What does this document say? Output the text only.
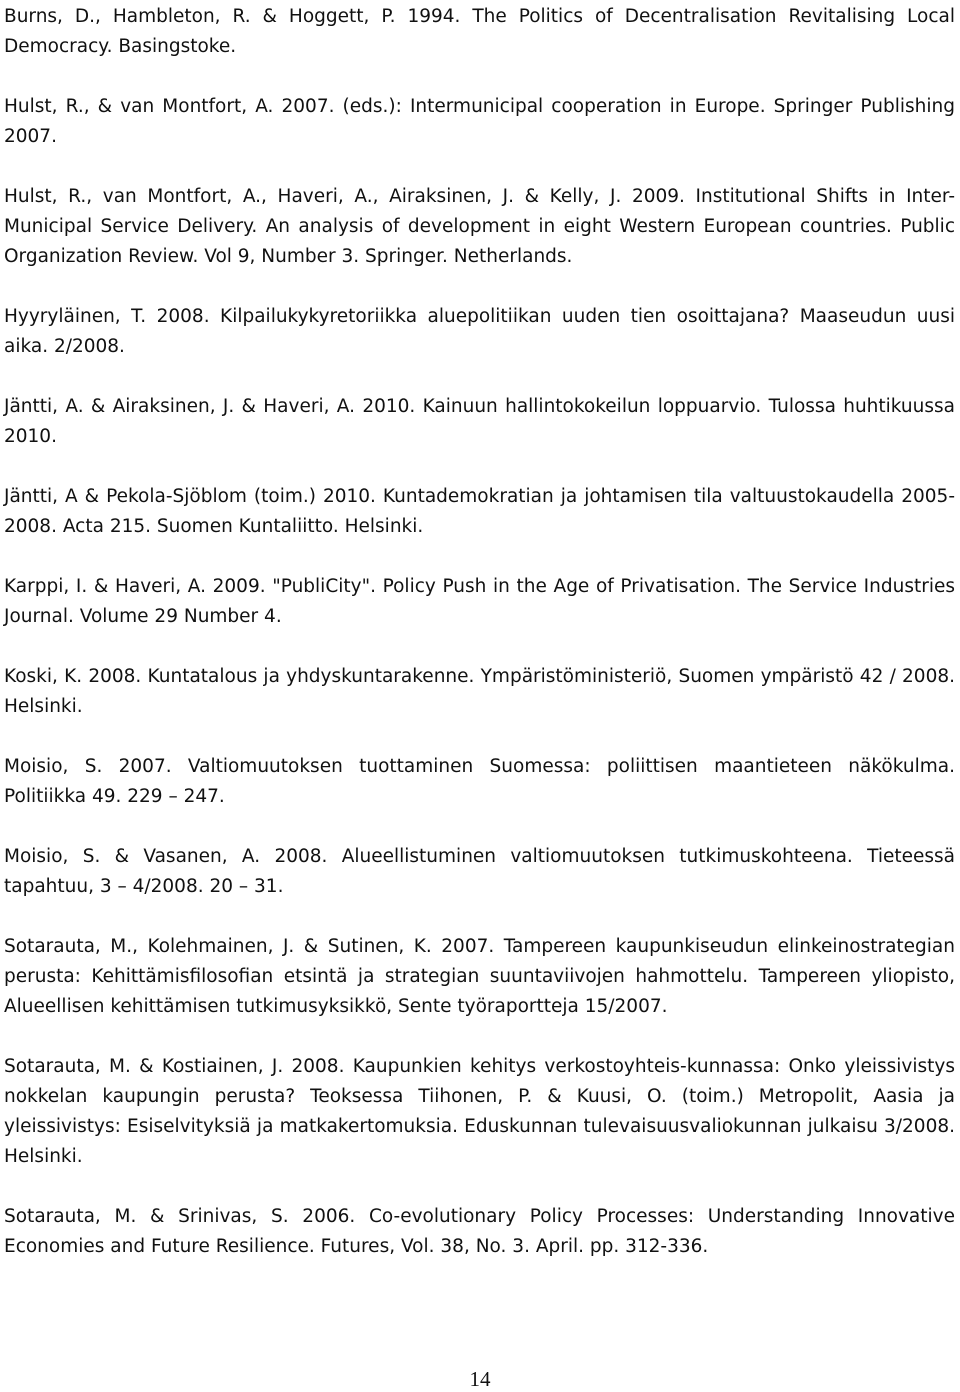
Burns, D., Hambleton, R. & Hoggett, P. 1994. The Politics of Decentralisation Revitalising Local Democracy. Basingstoke.

Hulst, R., & van Montfort, A. 2007. (eds.): Intermunicipal cooperation in Europe. Springer Publishing 2007.

Hulst, R., van Montfort, A., Haveri, A., Airaksinen, J. & Kelly, J. 2009. Institutional Shifts in Inter-Municipal Service Delivery. An analysis of development in eight Western European countries. Public Organization Review. Vol 9, Number 3. Springer. Netherlands.

Hyyryläinen, T. 2008. Kilpailukykyretoriikka aluepolitiikan uuden tien osoittajana? Maaseudun uusi aika. 2/2008.

Jäntti, A. & Airaksinen, J. & Haveri, A. 2010. Kainuun hallintokokeilun loppuarvio. Tulossa huhtikuussa 2010.

Jäntti, A & Pekola-Sjöblom (toim.) 2010. Kuntademokratian ja johtamisen tila valtuustokaudella 2005-2008. Acta 215. Suomen Kuntaliitto. Helsinki.

Karppi, I. & Haveri, A. 2009. "PubliCity". Policy Push in the Age of Privatisation. The Service Industries Journal. Volume 29 Number 4.

Koski, K. 2008. Kuntatalous ja yhdyskuntarakenne. Ympäristöministeriö, Suomen ympäristö 42 / 2008. Helsinki.

Moisio, S. 2007. Valtiomuutoksen tuottaminen Suomessa: poliittisen maantieteen näkökulma. Politiikka 49. 229 – 247.

Moisio, S. & Vasanen, A. 2008. Alueellistuminen valtiomuutoksen tutkimuskohteena. Tieteessä tapahtuu, 3 – 4/2008. 20 – 31.

Sotarauta, M., Kolehmainen, J. & Sutinen, K. 2007. Tampereen kaupunkiseudun elinkeinostrategian perusta: Kehittämisfilosofian etsintä ja strategian suuntaviivojen hahmottelu. Tampereen yliopisto, Alueellisen kehittämisen tutkimusyksikkö, Sente työraportteja 15/2007.

Sotarauta, M. & Kostiainen, J. 2008. Kaupunkien kehitys verkostoyhteis-kunnassa: Onko yleissivistys nokkelan kaupungin perusta? Teoksessa Tiihonen, P. & Kuusi, O. (toim.) Metropolit, Aasia ja yleissivistys: Esiselvityksiä ja matkakertomuksia. Eduskunnan tulevaisuusvaliokunnan julkaisu 3/2008. Helsinki.

Sotarauta, M. & Srinivas, S. 2006. Co-evolutionary Policy Processes: Understanding Innovative Economies and Future Resilience. Futures, Vol. 38, No. 3. April. pp. 312-336.

14
